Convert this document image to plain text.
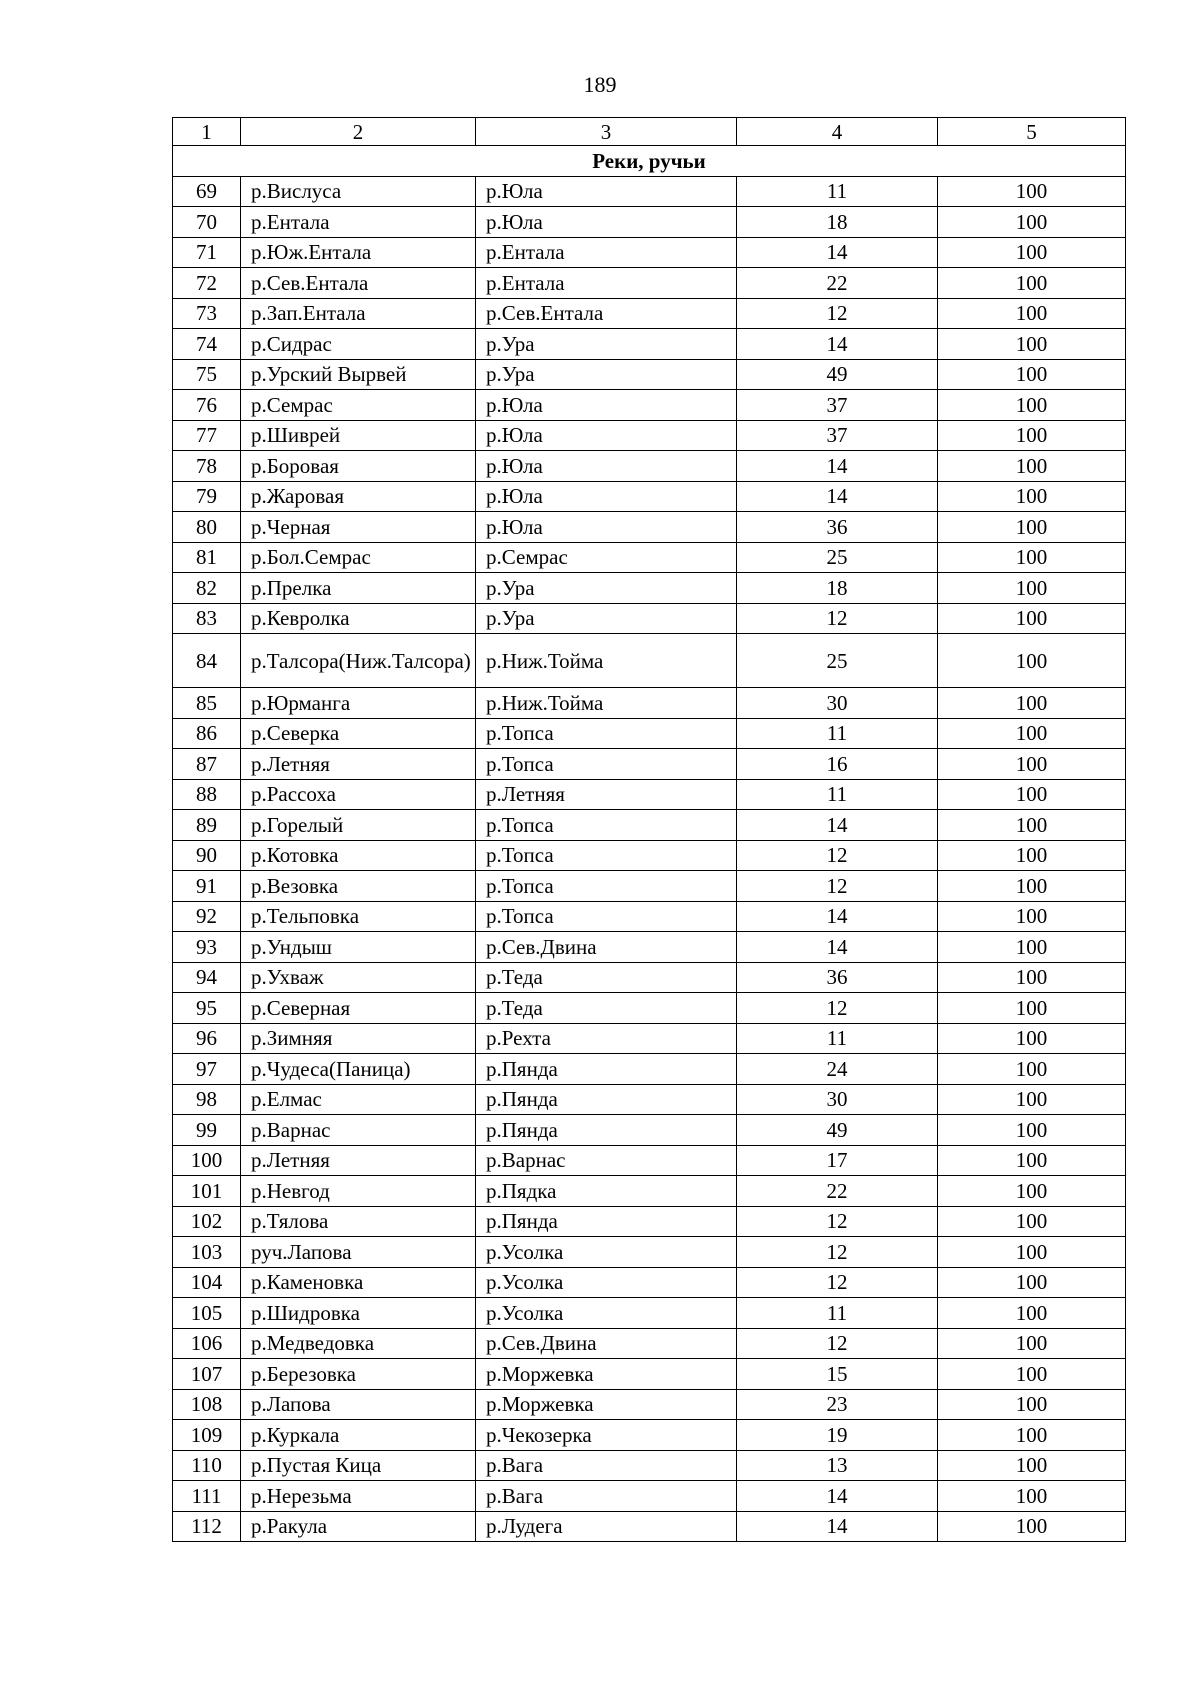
189
1	2	3	4	5
Реки, ручьи				
69	р.Вислуса	р.Юла	11	100
70	р.Ентала	р.Юла	18	100
71	р.Юж.Ентала	р.Ентала	14	100
72	р.Сев.Ентала	р.Ентала	22	100
73	р.Зап.Ентала	р.Сев.Ентала	12	100
74	р.Сидрас	р.Ура	14	100
75	р.Урский Вырвей	р.Ура	49	100
76	р.Семрас	р.Юла	37	100
77	р.Шиврей	р.Юла	37	100
78	р.Боровая	р.Юла	14	100
79	р.Жаровая	р.Юла	14	100
80	р.Черная	р.Юла	36	100
81	р.Бол.Семрас	р.Семрас	25	100
82	р.Прелка	р.Ура	18	100
83	р.Кевролка	р.Ура	12	100
84	р.Талсора(Ниж.Талсора)	р.Ниж.Тойма	25	100
85	р.Юрманга	р.Ниж.Тойма	30	100
86	р.Северка	р.Топса	11	100
87	р.Летняя	р.Топса	16	100
88	р.Рассоха	р.Летняя	11	100
89	р.Горелый	р.Топса	14	100
90	р.Котовка	р.Топса	12	100
91	р.Везовка	р.Топса	12	100
92	р.Тельповка	р.Топса	14	100
93	р.Ундыш	р.Сев.Двина	14	100
94	р.Ухваж	р.Теда	36	100
95	р.Северная	р.Теда	12	100
96	р.Зимняя	р.Рехта	11	100
97	р.Чудеса(Паница)	р.Пянда	24	100
98	р.Елмас	р.Пянда	30	100
99	р.Варнас	р.Пянда	49	100
100	р.Летняя	р.Варнас	17	100
101	р.Невгод	р.Пядка	22	100
102	р.Тялова	р.Пянда	12	100
103	руч.Лапова	р.Усолка	12	100
104	р.Каменовка	р.Усолка	12	100
105	р.Шидровка	р.Усолка	11	100
106	р.Медведовка	р.Сев.Двина	12	100
107	р.Березовка	р.Моржевка	15	100
108	р.Лапова	р.Моржевка	23	100
109	р.Куркала	р.Чекозерка	19	100
110	р.Пустая Кица	р.Вага	13	100
111	р.Нерезьма	р.Вага	14	100
112	р.Ракула	р.Лудега	14	100
